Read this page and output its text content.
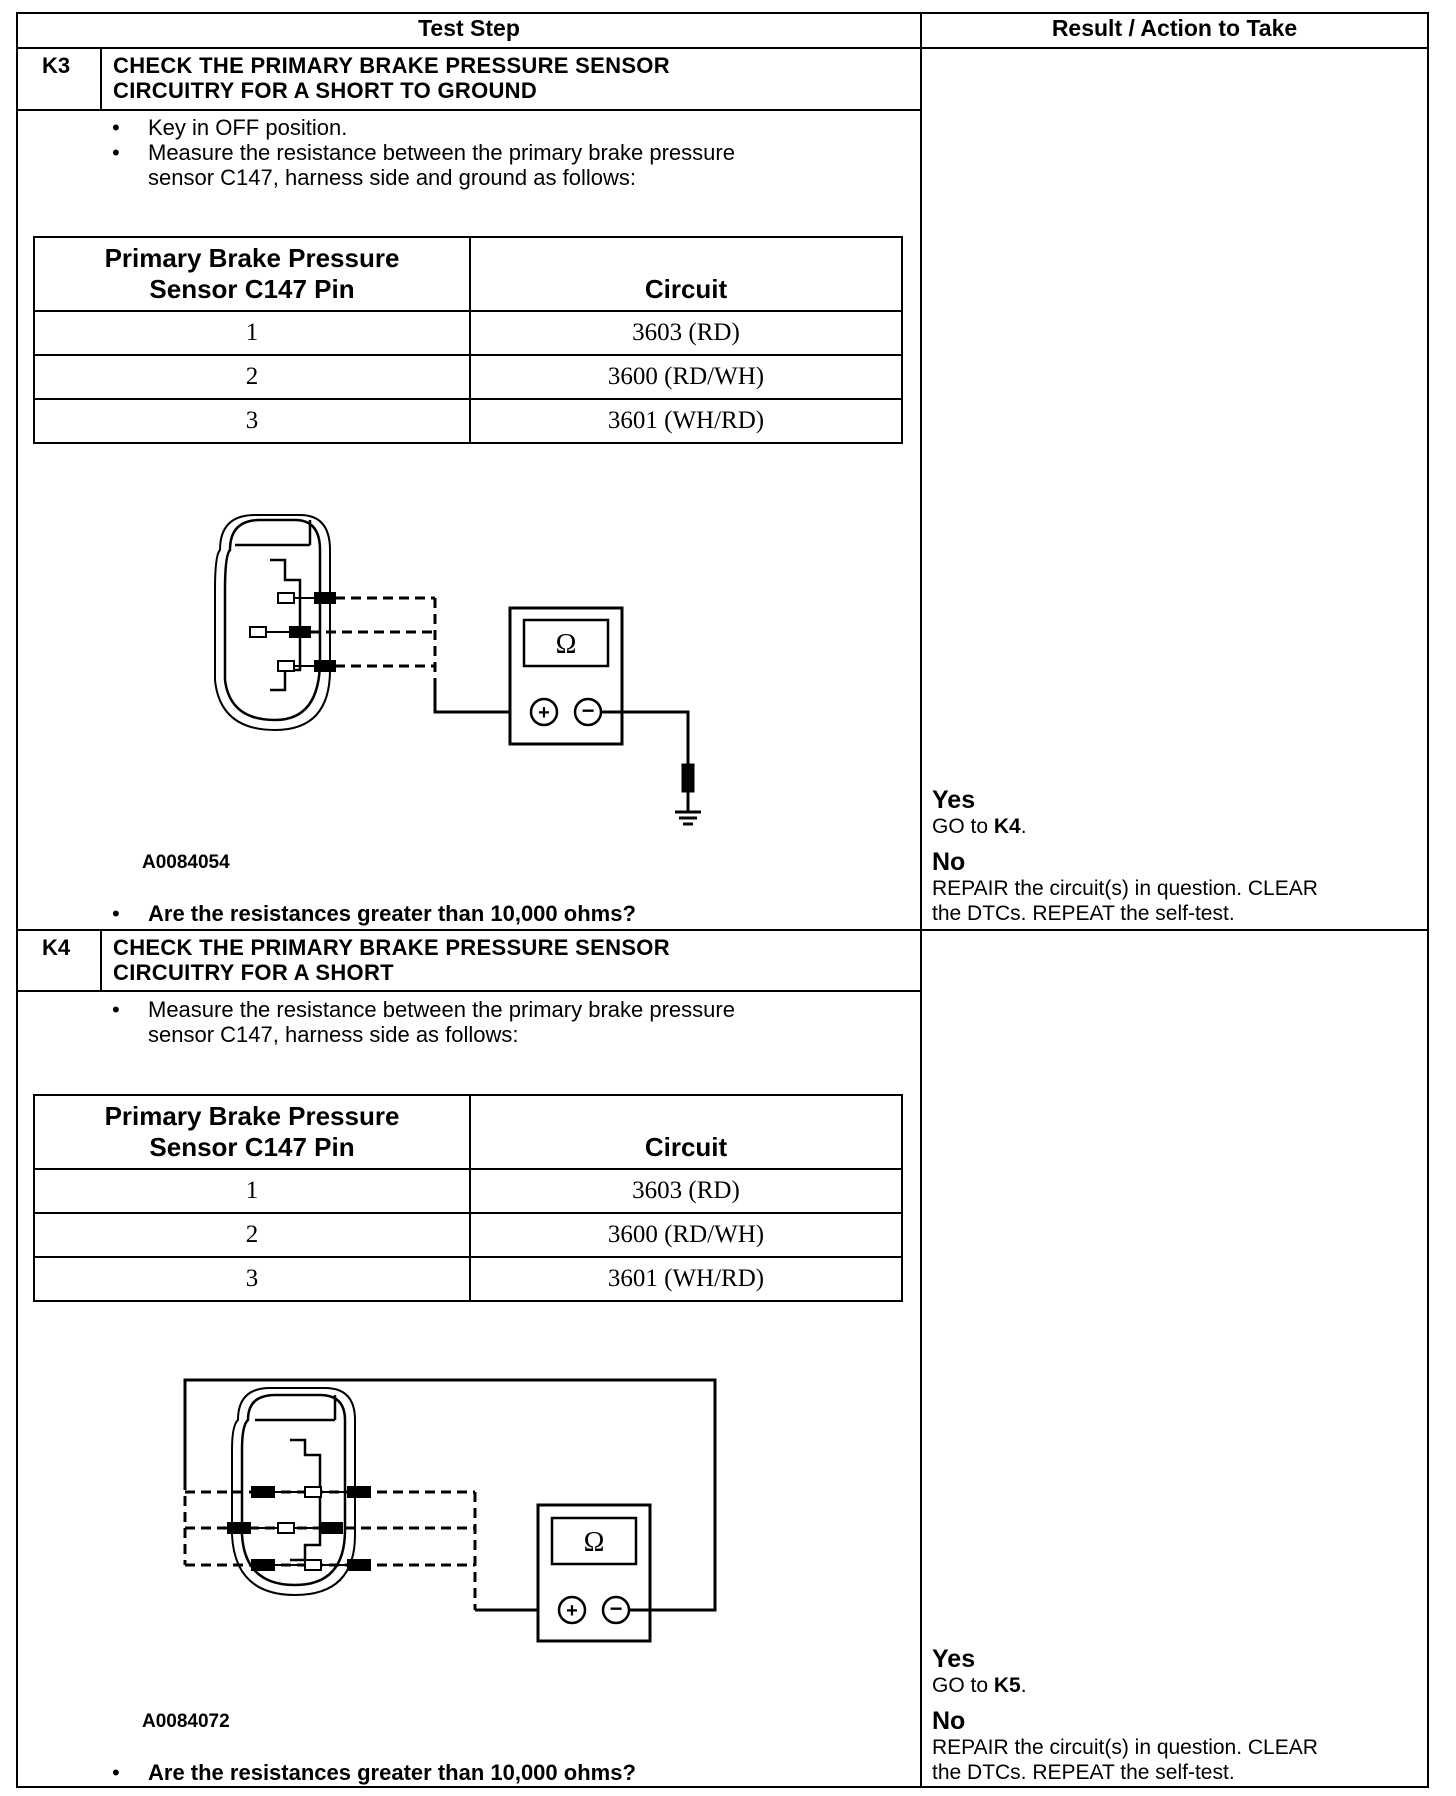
Test Step	Result / Action to Take
K3 CHECK THE PRIMARY BRAKE PRESSURE SENSOR
CIRCUITRY FOR A SHORT TO GROUND
• Key in OFF position.
• Measure the resistance between the primary brake pressure
sensor C147, harness side and ground as follows:
Primary Brake Pressure
Sensor C147 Pin	Circuit
1	3603 (RD)
2	3600 (RD/WH)
3	3601 (WH/RD)
Ω
+ −
A0084054
• Are the resistances greater than 10,000 ohms?
Yes
GO to K4.
No
REPAIR the circuit(s) in question. CLEAR
the DTCs. REPEAT the self-test.
K4 CHECK THE PRIMARY BRAKE PRESSURE SENSOR
CIRCUITRY FOR A SHORT
• Measure the resistance between the primary brake pressure
sensor C147, harness side as follows:
Primary Brake Pressure
Sensor C147 Pin	Circuit
1	3603 (RD)
2	3600 (RD/WH)
3	3601 (WH/RD)
Ω
+ −
A0084072
• Are the resistances greater than 10,000 ohms?
Yes
GO to K5.
No
REPAIR the circuit(s) in question. CLEAR
the DTCs. REPEAT the self-test.
